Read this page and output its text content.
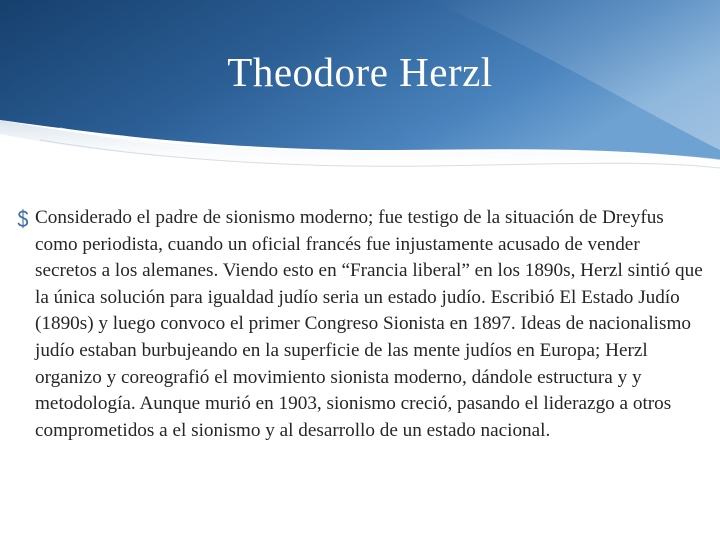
Theodore Herzl
Considerado el padre de sionismo moderno; fue testigo de la situación de Dreyfus como periodista, cuando un oficial francés fue injustamente acusado de vender secretos a los alemanes. Viendo esto en “Francia liberal” en los 1890s, Herzl sintió que la única solución para igualdad judío seria un estado judío. Escribió El Estado Judío (1890s) y luego convoco el primer Congreso Sionista en 1897. Ideas de nacionalismo judío estaban burbujeando en la superficie de las mente judíos en Europa; Herzl organizo y coreografió el movimiento sionista moderno, dándole estructura y y metodología. Aunque murió en 1903, sionismo creció, pasando el liderazgo a otros comprometidos a el sionismo y al desarrollo de un estado nacional.
